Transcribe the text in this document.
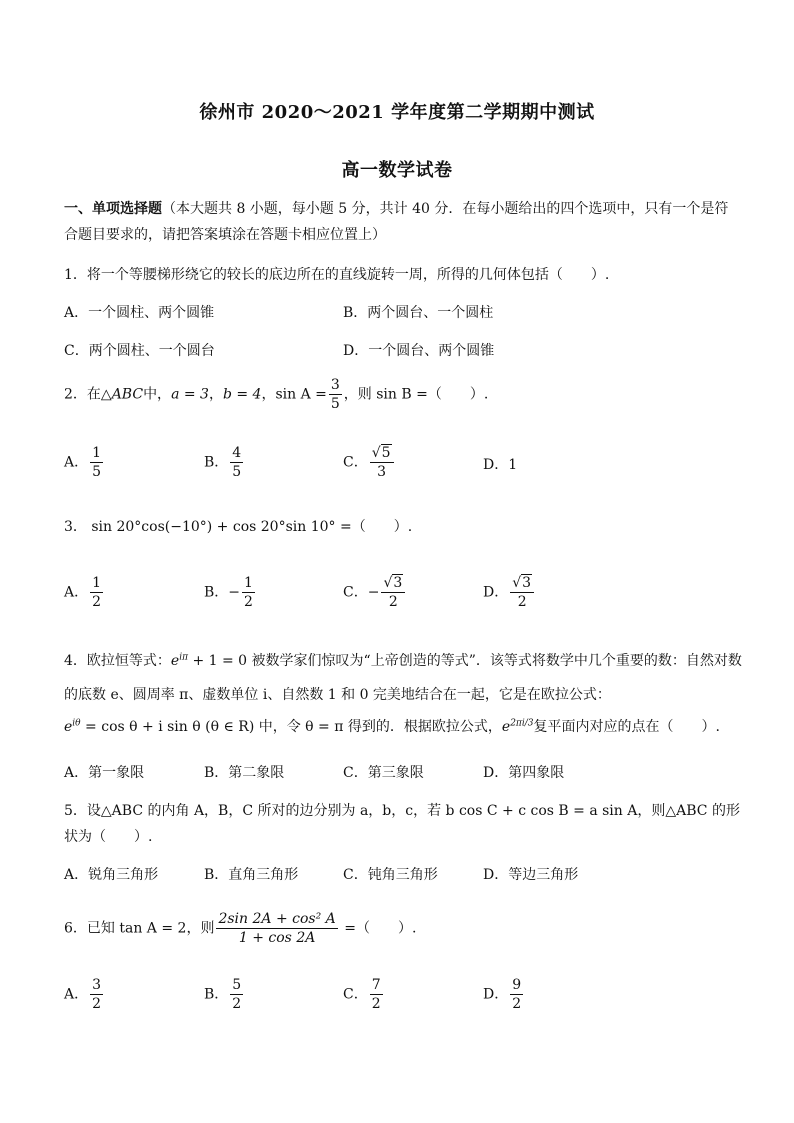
徐州市 2020～2021 学年度第二学期期中测试
高一数学试卷
一、单项选择题（本大题共 8 小题，每小题 5 分，共计 40 分．在每小题给出的四个选项中，只有一个是符合题目要求的，请把答案填涂在答题卡相应位置上）
1．将一个等腰梯形绕它的较长的底边所在的直线旋转一周，所得的几何体包括（　　）.
A．一个圆柱、两个圆锥	B．两个圆台、一个圆柱
C．两个圆柱、一个圆台	D．一个圆台、两个圆锥
2．在△ABC中，a = 3，b = 4，$\sin A = \frac{3}{5}$ ，则 sin B =（　　）.
A． $\frac{1}{5}$	B． $\frac{4}{5}$	C． $\frac{√5}{3}$	D．1
3． sin 20°cos(−10°) + cos 20°sin 10° =（　　）.
A． $\frac{1}{2}$	B．− $\frac{1}{2}$	C．− $\frac{√3}{2}$	D． $\frac{√3}{2}$
4．欧拉恒等式：$e^{i\pi} + 1 = 0$ 被数学家们惊叹为“上帝创造的等式”．该等式将数学中几个重要的数：自然对数
的底数 e、圆周率 π、虚数单位 i、自然数 1 和 0 完美地结合在一起，它是在欧拉公式：
$e^{i\theta} = \cos \theta + i$ sin θ (θ ∈ R) 中，令 θ = π 得到的．根据欧拉公式，$e^{2\pi i/3}$复平面内对应的点在（　　）.
A．第一象限	B．第二象限	C．第三象限	D．第四象限
5．设△ABC 的内角 A，B，C 所对的边分别为 a，b，c，若 b cos C + c cos B = a sin A，则△ABC 的形
状为（　　）.
A．锐角三角形	B．直角三角形	C．钝角三角形	D．等边三角形
6．已知 tan A = 2，则 $\frac{\text{2sin 2A + cos² A}}{1 + \cos 2A}$ =（　　）.
A． $\frac{3}{2}$	B． $\frac{5}{2}$	C． $\frac{7}{2}$	D． $\frac{9}{2}$
